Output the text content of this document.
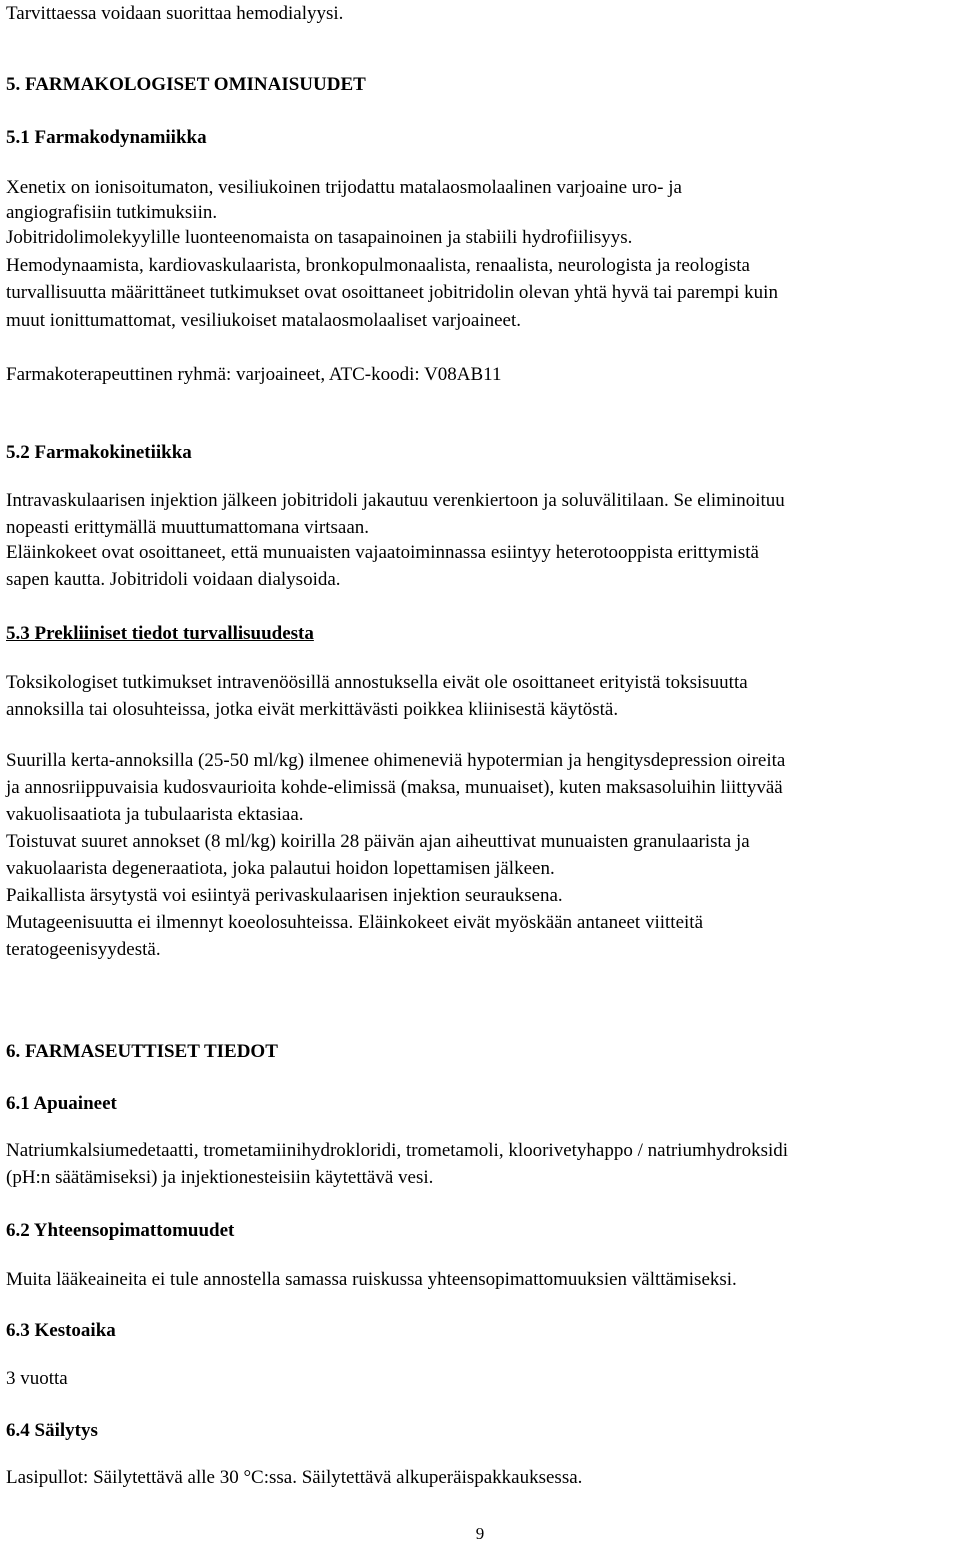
Tarvittaessa voidaan suorittaa hemodialyysi.
5. FARMAKOLOGISET OMINAISUUDET
5.1 Farmakodynamiikka
Xenetix on ionisoitumaton, vesiliukoinen trijodattu matalaosmolaalinen varjoaine uro- ja
angiografisiin tutkimuksiin.
Jobitridolimolekyylille luonteenomaista on tasapainoinen ja stabiili hydrofiilisyys.
Hemodynaamista, kardiovaskulaarista, bronkopulmonaalista, renaalista, neurologista ja reologista
turvallisuutta määrittäneet tutkimukset ovat osoittaneet jobitridolin olevan yhtä hyvä tai parempi kuin
muut ionittumattomat, vesiliukoiset matalaosmolaaliset varjoaineet.
Farmakoterapeuttinen ryhmä: varjoaineet, ATC-koodi: V08AB11
5.2 Farmakokinetiikka
Intravaskulaarisen injektion jälkeen jobitridoli jakautuu verenkiertoon ja soluvälitilaan. Se eliminoituu
nopeasti erittymällä muuttumattomana virtsaan.
Eläinkokeet ovat osoittaneet, että munuaisten vajaatoiminnassa esiintyy heterotooppista erittymistä
sapen kautta. Jobitridoli voidaan dialysoida.
5.3 Prekliiniset tiedot turvallisuudesta
Toksikologiset tutkimukset intravenöösillä annostuksella eivät ole osoittaneet erityistä toksisuutta
annoksilla tai olosuhteissa, jotka eivät merkittävästi poikkea kliinisestä käytöstä.
Suurilla kerta-annoksilla (25-50 ml/kg) ilmenee ohimeneviä hypotermian ja hengitysdepression oireita
ja annosriippuvaisia kudosvaurioita kohde-elimissä (maksa, munuaiset), kuten maksasoluihin liittyvää
vakuolisaatiota ja tubulaarista ektasiaa.
Toistuvat suuret annokset (8 ml/kg) koirilla 28 päivän ajan aiheuttivat munuaisten granulaarista ja
vakuolaarista degeneraatiota, joka palautui hoidon lopettamisen jälkeen.
Paikallista ärsytystä voi esiintyä perivaskulaarisen injektion seurauksena.
Mutageenisuutta ei ilmennyt koeolosuhteissa. Eläinkokeet eivät myöskään antaneet viitteitä
teratogeenisyydestä.
6. FARMASEUTTISET TIEDOT
6.1 Apuaineet
Natriumkalsiumedetaatti, trometamiinihydrokloridi, trometamoli, kloorivetyhappo / natriumhydroksidi
(pH:n säätämiseksi) ja injektionesteisiin käytettävä vesi.
6.2 Yhteensopimattomuudet
Muita lääkeaineita ei tule annostella samassa ruiskussa yhteensopimattomuuksien välttämiseksi.
6.3 Kestoaika
3 vuotta
6.4 Säilytys
Lasipullot: Säilytettävä alle 30 °C:ssa. Säilytettävä alkuperäispakkauksessa.
9
